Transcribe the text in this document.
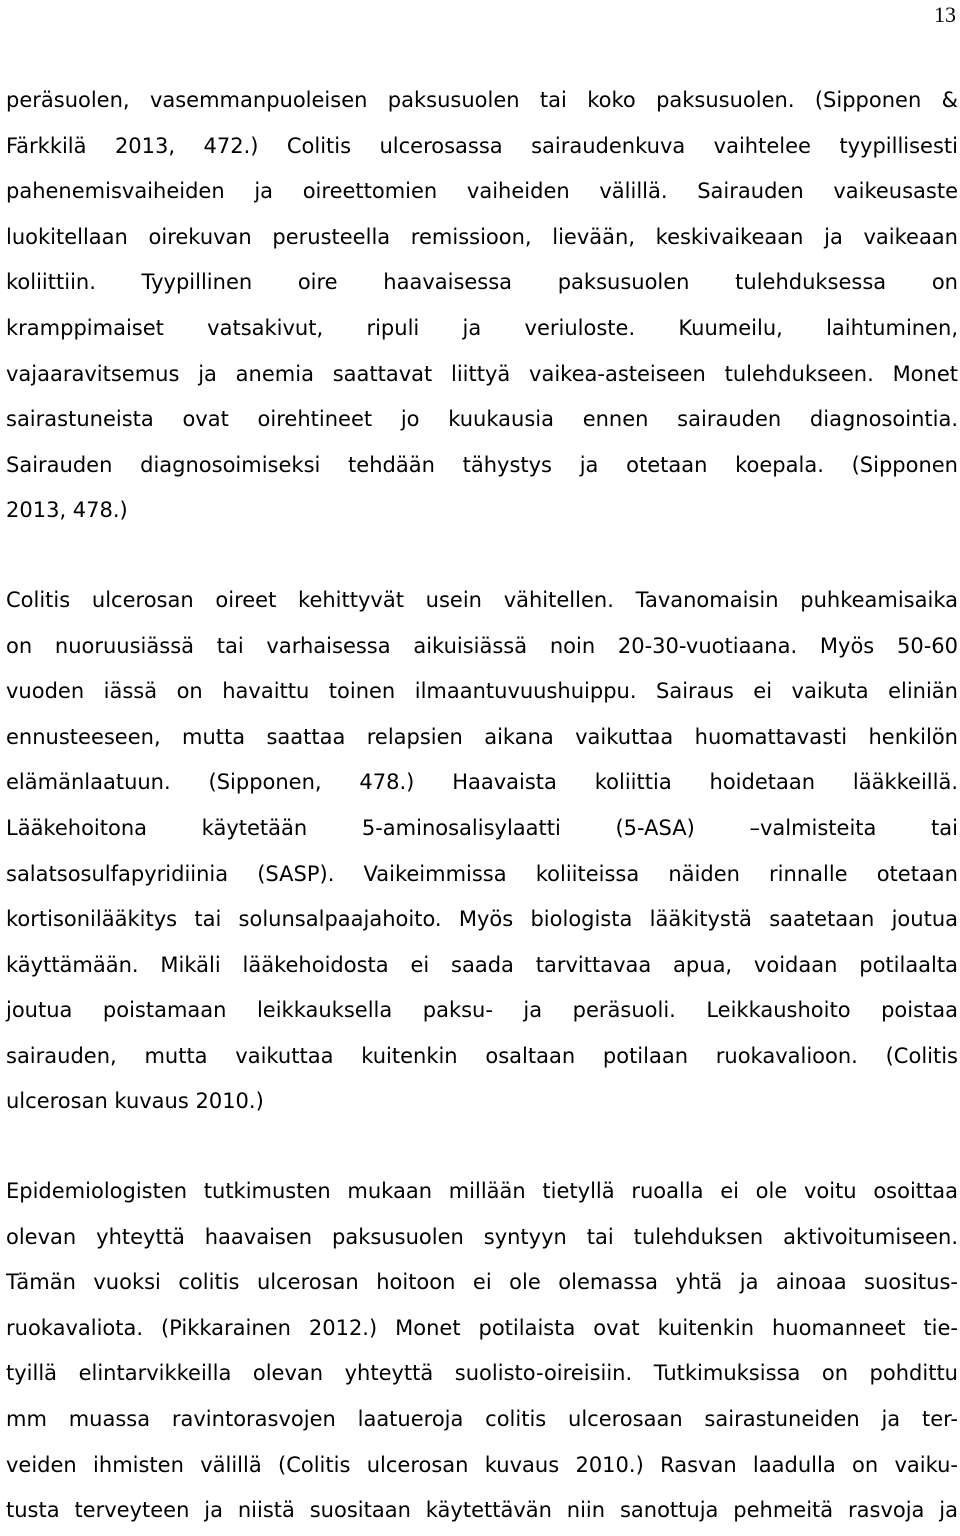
13
peräsuolen, vasemmanpuoleisen paksusuolen tai koko paksusuolen. (Sipponen &
Färkkilä 2013, 472.) Colitis ulcerosassa sairaudenkuva vaihtelee tyypillisesti
pahenemisvaiheiden ja oireettomien vaiheiden välillä. Sairauden vaikeusaste
luokitellaan oirekuvan perusteella remissioon, lievään, keskivaikeaan ja vaikeaan
koliittiin. Tyypillinen oire haavaisessa paksusuolen tulehduksessa on
kramppimaiset vatsakivut, ripuli ja veriuloste. Kuumeilu, laihtuminen,
vajaaravitsemus ja anemia saattavat liittyä vaikea-asteiseen tulehdukseen. Monet
sairastuneista ovat oirehtineet jo kuukausia ennen sairauden diagnosointia.
Sairauden diagnosoimiseksi tehdään tähystys ja otetaan koepala. (Sipponen
2013, 478.)
Colitis ulcerosan oireet kehittyvät usein vähitellen. Tavanomaisin puhkeamisaika
on nuoruusiässä tai varhaisessa aikuisiässä noin 20-30-vuotiaana. Myös 50-60
vuoden iässä on havaittu toinen ilmaantuvuushuippu. Sairaus ei vaikuta eliniän
ennusteeseen, mutta saattaa relapsien aikana vaikuttaa huomattavasti henkilön
elämänlaatuun. (Sipponen, 478.) Haavaista koliittia hoidetaan lääkkeillä.
Lääkehoitona käytetään 5-aminosalisylaatti (5-ASA) –valmisteita tai
salatsosulfapyridiinia (SASP). Vaikeimmissa koliiteissa näiden rinnalle otetaan
kortisonilääkitys tai solunsalpaajahoito. Myös biologista lääkitystä saatetaan joutua
käyttämään. Mikäli lääkehoidosta ei saada tarvittavaa apua, voidaan potilaalta
joutua poistamaan leikkauksella paksu- ja peräsuoli. Leikkaushoito poistaa
sairauden, mutta vaikuttaa kuitenkin osaltaan potilaan ruokavalioon. (Colitis
ulcerosan kuvaus 2010.)
Epidemiologisten tutkimusten mukaan millään tietyllä ruoalla ei ole voitu osoittaa
olevan yhteyttä haavaisen paksusuolen syntyyn tai tulehduksen aktivoitumiseen.
Tämän vuoksi colitis ulcerosan hoitoon ei ole olemassa yhtä ja ainoaa suositus-
ruokavaliota. (Pikkarainen 2012.) Monet potilaista ovat kuitenkin huomanneet tie-
tyillä elintarvikkeilla olevan yhteyttä suolisto-oireisiin. Tutkimuksissa on pohdittu
mm muassa ravintorasvojen laatueroja colitis ulcerosaan sairastuneiden ja ter-
veiden ihmisten välillä (Colitis ulcerosan kuvaus 2010.) Rasvan laadulla on vaiku-
tusta terveyteen ja niistä suositaan käytettävän niin sanottuja pehmeitä rasvoja ja
